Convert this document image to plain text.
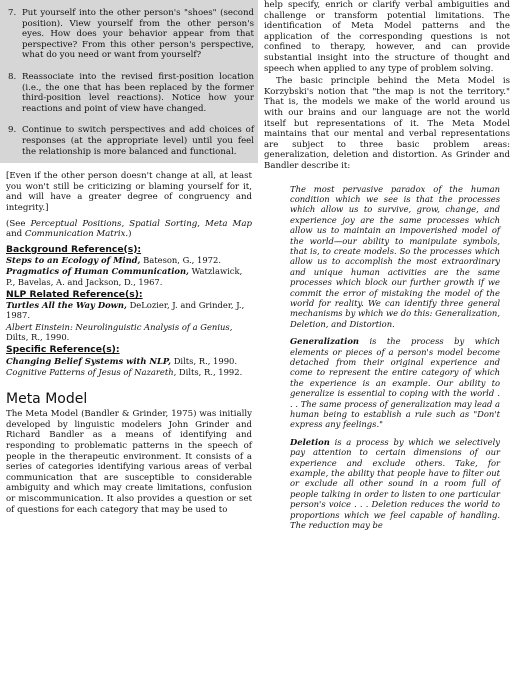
7. Put yourself into the other person's "shoes" (second position). View yourself from the other person's eyes. How does your behavior appear from that perspective? From this other person's perspective, what do you need or want from yourself?
8. Reassociate into the revised first-position location (i.e., the one that has been replaced by the former third-position level reactions). Notice how your reactions and point of view have changed.
9. Continue to switch perspectives and add choices of responses (at the appropriate level) until you feel the relationship is more balanced and functional.

[Even if the other person doesn't change at all, at least you won't still be criticizing or blaming yourself for it, and will have a greater degree of congruency and integrity.]

(See Perceptual Positions, Spatial Sorting, Meta Map and Communication Matrix.)

Background Reference(s):

Steps to an Ecology of Mind, Bateson, G., 1972.

Pragmatics of Human Communication, Watzlawick, P., Bavelas, A. and Jackson, D., 1967.

NLP Related Reference(s):

Turtles All the Way Down, DeLozier, J. and Grinder, J., 1987.

Albert Einstein: Neurolinguistic Analysis of a Genius, Dilts, R., 1990.

Specific Reference(s):

Changing Belief Systems with NLP, Dilts, R., 1990.

Cognitive Patterns of Jesus of Nazareth, Dilts, R., 1992.

Meta Model

The Meta Model (Bandler & Grinder, 1975) was initially developed by linguistic modelers John Grinder and Richard Bandler as a means of identifying and responding to problematic patterns in the speech of people in the therapeutic environment. It consists of a series of categories identifying various areas of verbal communication that are susceptible to considerable ambiguity and which may create limitations, confusion or miscommunication. It also provides a question or set of questions for each category that may be used to

help specify, enrich or clarify verbal ambiguities and challenge or transform potential limitations. The identification of Meta Model patterns and the application of the corresponding questions is not confined to therapy, however, and can provide substantial insight into the structure of thought and speech when applied to any type of problem solving.

The basic principle behind the Meta Model is Korzybski's notion that "the map is not the territory." That is, the models we make of the world around us with our brains and our language are not the world itself but representations of it. The Meta Model maintains that our mental and verbal representations are subject to three basic problem areas: generalization, deletion and distortion. As Grinder and Bandler describe it:

The most pervasive paradox of the human condition which we see is that the processes which allow us to survive, grow, change, and experience joy are the same processes which allow us to maintain an impoverished model of the world—our ability to manipulate symbols, that is, to create models. So the processes which allow us to accomplish the most extraordinary and unique human activities are the same processes which block our further growth if we commit the error of mistaking the model of the world for reality. We can identify three general mechanisms by which we do this: Generalization, Deletion, and Distortion.

Generalization is the process by which elements or pieces of a person's model become detached from their original experience and come to represent the entire category of which the experience is an example. Our ability to generalize is essential to coping with the world . . . The same process of generalization may lead a human being to establish a rule such as "Don't express any feelings."

Deletion is a process by which we selectively pay attention to certain dimensions of our experience and exclude others. Take, for example, the ability that people have to filter out or exclude all other sound in a room full of people talking in order to listen to one particular person's voice . . . Deletion reduces the world to proportions which we feel capable of handling. The reduction may be
